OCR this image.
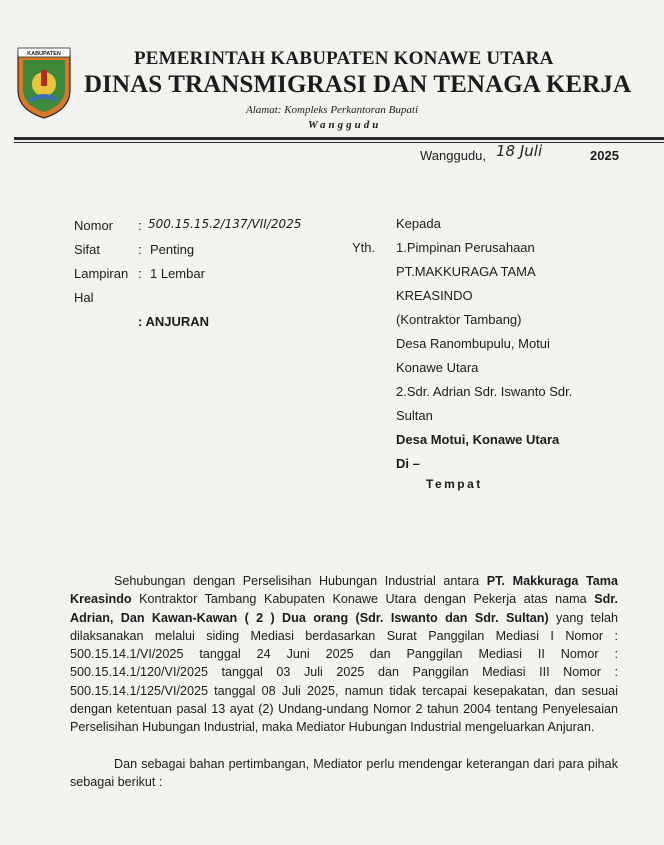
KABUPATEN	PEMERINTAH KABUPATEN KONAWE UTARA
DINAS TRANSMIGRASI DAN TENAGA KERJA
Alamat: Kompleks Perkantoran Bupati
Wanggudu
Wanggudu, 18 Juli	2025
Nomor : 500.15.15.2/137/VII/2025
Sifat	: Penting
Lampiran : 1 Lembar
Hal
: ANJURAN
Kepada
Yth. 1.Pimpinan Perusahaan
PT.MAKKURAGA TAMA
KREASINDO
(Kontraktor Tambang)
Desa Ranombupulu, Motui
Konawe Utara
2.Sdr. Adrian Sdr. Iswanto Sdr.
Sultan
Desa Motui, Konawe Utara
Di –
Tempat

Sehubungan dengan Perselisihan Hubungan Industrial antara PT. Makkuraga Tama Kreasindo Kontraktor Tambang Kabupaten Konawe Utara dengan Pekerja atas nama Sdr. Adrian, Dan Kawan-Kawan ( 2 ) Dua orang (Sdr. Iswanto dan Sdr. Sultan) yang telah dilaksanakan melalui siding Mediasi berdasarkan Surat Panggilan Mediasi I Nomor : 500.15.14.1/VI/2025 tanggal 24 Juni 2025 dan Panggilan Mediasi II Nomor : 500.15.14.1/120/VI/2025 tanggal 03 Juli 2025 dan Panggilan Mediasi III Nomor : 500.15.14.1/125/VI/2025 tanggal 08 Juli 2025, namun tidak tercapai kesepakatan, dan sesuai dengan ketentuan pasal 13 ayat (2) Undang-undang Nomor 2 tahun 2004 tentang Penyelesaian Perselisihan Hubungan Industrial, maka Mediator Hubungan Industrial mengeluarkan Anjuran.

Dan sebagai bahan pertimbangan, Mediator perlu mendengar keterangan dari para pihak sebagai berikut :
